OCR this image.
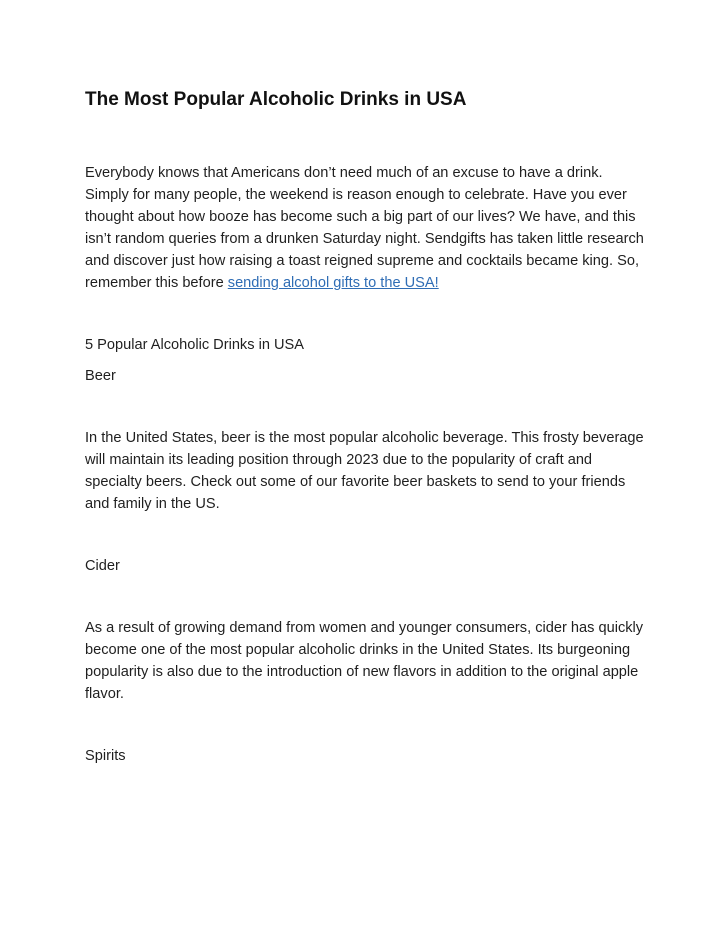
The Most Popular Alcoholic Drinks in USA

Everybody knows that Americans don’t need much of an excuse to have a drink. Simply for many people, the weekend is reason enough to celebrate. Have you ever thought about how booze has become such a big part of our lives? We have, and this isn’t random queries from a drunken Saturday night. Sendgifts has taken little research and discover just how raising a toast reigned supreme and cocktails became king. So, remember this before sending alcohol gifts to the USA!

5 Popular Alcoholic Drinks in USA

Beer

In the United States, beer is the most popular alcoholic beverage. This frosty beverage will maintain its leading position through 2023 due to the popularity of craft and specialty beers. Check out some of our favorite beer baskets to send to your friends and family in the US.

Cider

As a result of growing demand from women and younger consumers, cider has quickly become one of the most popular alcoholic drinks in the United States. Its burgeoning popularity is also due to the introduction of new flavors in addition to the original apple flavor.

Spirits
